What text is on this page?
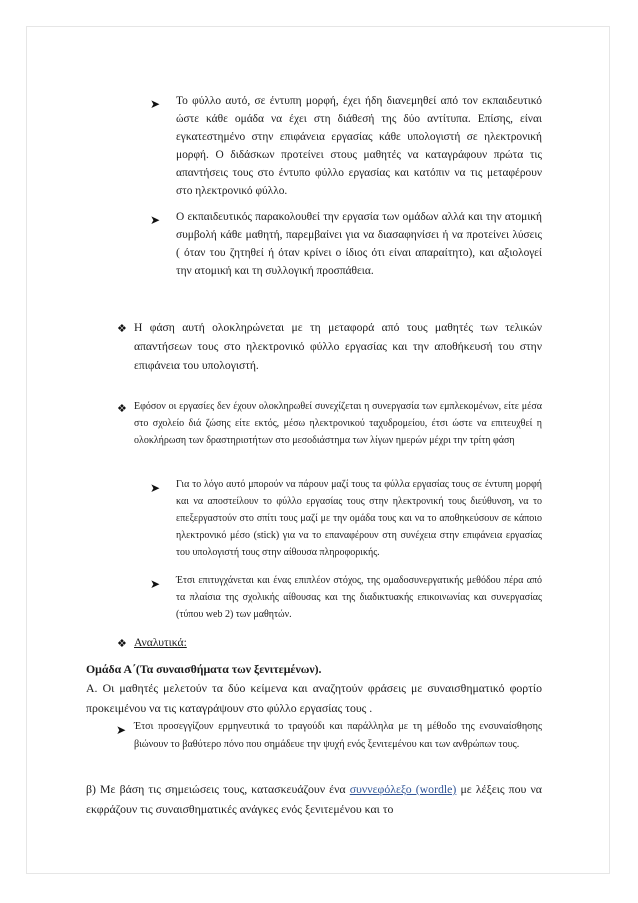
➤ Το φύλλο αυτό, σε έντυπη μορφή, έχει ήδη διανεμηθεί από τον εκπαιδευτικό ώστε κάθε ομάδα να έχει στη διάθεσή της δύο αντίτυπα. Επίσης, είναι εγκατεστημένο στην επιφάνεια εργασίας κάθε υπολογιστή σε ηλεκτρονική μορφή. Ο διδάσκων προτείνει στους μαθητές να καταγράφουν πρώτα τις απαντήσεις τους στο έντυπο φύλλο εργασίας και κατόπιν να τις μεταφέρουν στο ηλεκτρονικό φύλλο.
➤ Ο εκπαιδευτικός παρακολουθεί την εργασία των ομάδων αλλά και την ατομική συμβολή κάθε μαθητή, παρεμβαίνει για να διασαφηνίσει ή να προτείνει λύσεις ( όταν του ζητηθεί ή όταν κρίνει ο ίδιος ότι είναι απαραίτητο), και αξιολογεί την ατομική και τη συλλογική προσπάθεια.
❖ Η φάση αυτή ολοκληρώνεται με τη μεταφορά από τους μαθητές των τελικών απαντήσεων τους στο ηλεκτρονικό φύλλο εργασίας και την αποθήκευσή του στην επιφάνεια του υπολογιστή.
❖ Εφόσον οι εργασίες δεν έχουν ολοκληρωθεί συνεχίζεται η συνεργασία των εμπλεκομένων, είτε μέσα στο σχολείο διά ζώσης είτε εκτός, μέσω ηλεκτρονικού ταχυδρομείου, έτσι ώστε να επιτευχθεί η ολοκλήρωση των δραστηριοτήτων στο μεσοδιάστημα των λίγων ημερών μέχρι την τρίτη φάση
➤ Για το λόγο αυτό μπορούν να πάρουν μαζί τους τα φύλλα εργασίας τους σε έντυπη μορφή και να αποστείλουν το φύλλο εργασίας τους στην ηλεκτρονική τους διεύθυνση, να το επεξεργαστούν στο σπίτι τους μαζί με την ομάδα τους και να το αποθηκεύσουν σε κάποιο ηλεκτρονικό μέσο (stick) για να το επαναφέρουν στη συνέχεια στην επιφάνεια εργασίας του υπολογιστή τους στην αίθουσα πληροφορικής.
➤ Έτσι επιτυγχάνεται και ένας επιπλέον στόχος, της ομαδοσυνεργατικής μεθόδου πέρα από τα πλαίσια της σχολικής αίθουσας και της διαδικτυακής επικοινωνίας και συνεργασίας (τύπου web 2) των μαθητών.
❖ Αναλυτικά:
Ομάδα Α΄(Τα συναισθήματα των ξενιτεμένων).
Α. Οι μαθητές μελετούν τα δύο κείμενα και αναζητούν φράσεις με συναισθηματικό φορτίο προκειμένου να τις καταγράψουν στο φύλλο εργασίας τους .
➤ Έτσι προσεγγίζουν ερμηνευτικά το τραγούδι και παράλληλα με τη μέθοδο της ενσυναίσθησης βιώνουν το βαθύτερο πόνο που σημάδευε την ψυχή ενός ξενιτεμένου και των ανθρώπων τους.
β) Με βάση τις σημειώσεις τους, κατασκευάζουν ένα συννεφόλεξο (wordle) με λέξεις που να εκφράζουν τις συναισθηματικές ανάγκες ενός ξενιτεμένου και το
